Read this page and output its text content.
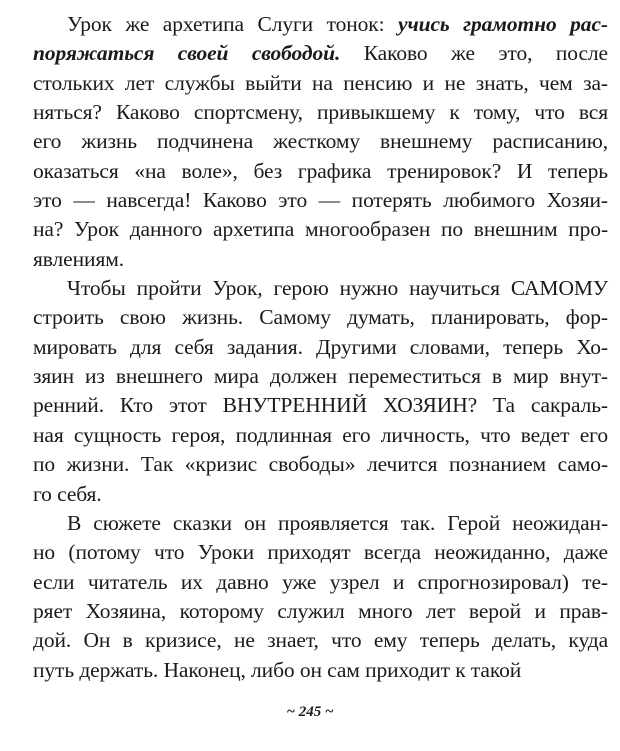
Урок же архетипа Слуги тонок: учись грамотно рас-
поряжаться своей свободой. Каково же это, после
стольких лет службы выйти на пенсию и не знать, чем за-
няться? Каково спортсмену, привыкшему к тому, что вся
его жизнь подчинена жесткому внешнему расписанию,
оказаться «на воле», без графика тренировок? И теперь
это — навсегда! Каково это — потерять любимого Хозяи-
на? Урок данного архетипа многообразен по внешним про-
явлениям.
Чтобы пройти Урок, герою нужно научиться САМОМУ
строить свою жизнь. Самому думать, планировать, фор-
мировать для себя задания. Другими словами, теперь Хо-
зяин из внешнего мира должен переместиться в мир внут-
ренний. Кто этот ВНУТРЕННИЙ ХОЗЯИН? Та сакраль-
ная сущность героя, подлинная его личность, что ведет его
по жизни. Так «кризис свободы» лечится познанием само-
го себя.
В сюжете сказки он проявляется так. Герой неожидан-
но (потому что Уроки приходят всегда неожиданно, даже
если читатель их давно уже узрел и спрогнозировал) те-
ряет Хозяина, которому служил много лет верой и прав-
дой. Он в кризисе, не знает, что ему теперь делать, куда
путь держать. Наконец, либо он сам приходит к такой
~ 245 ~
